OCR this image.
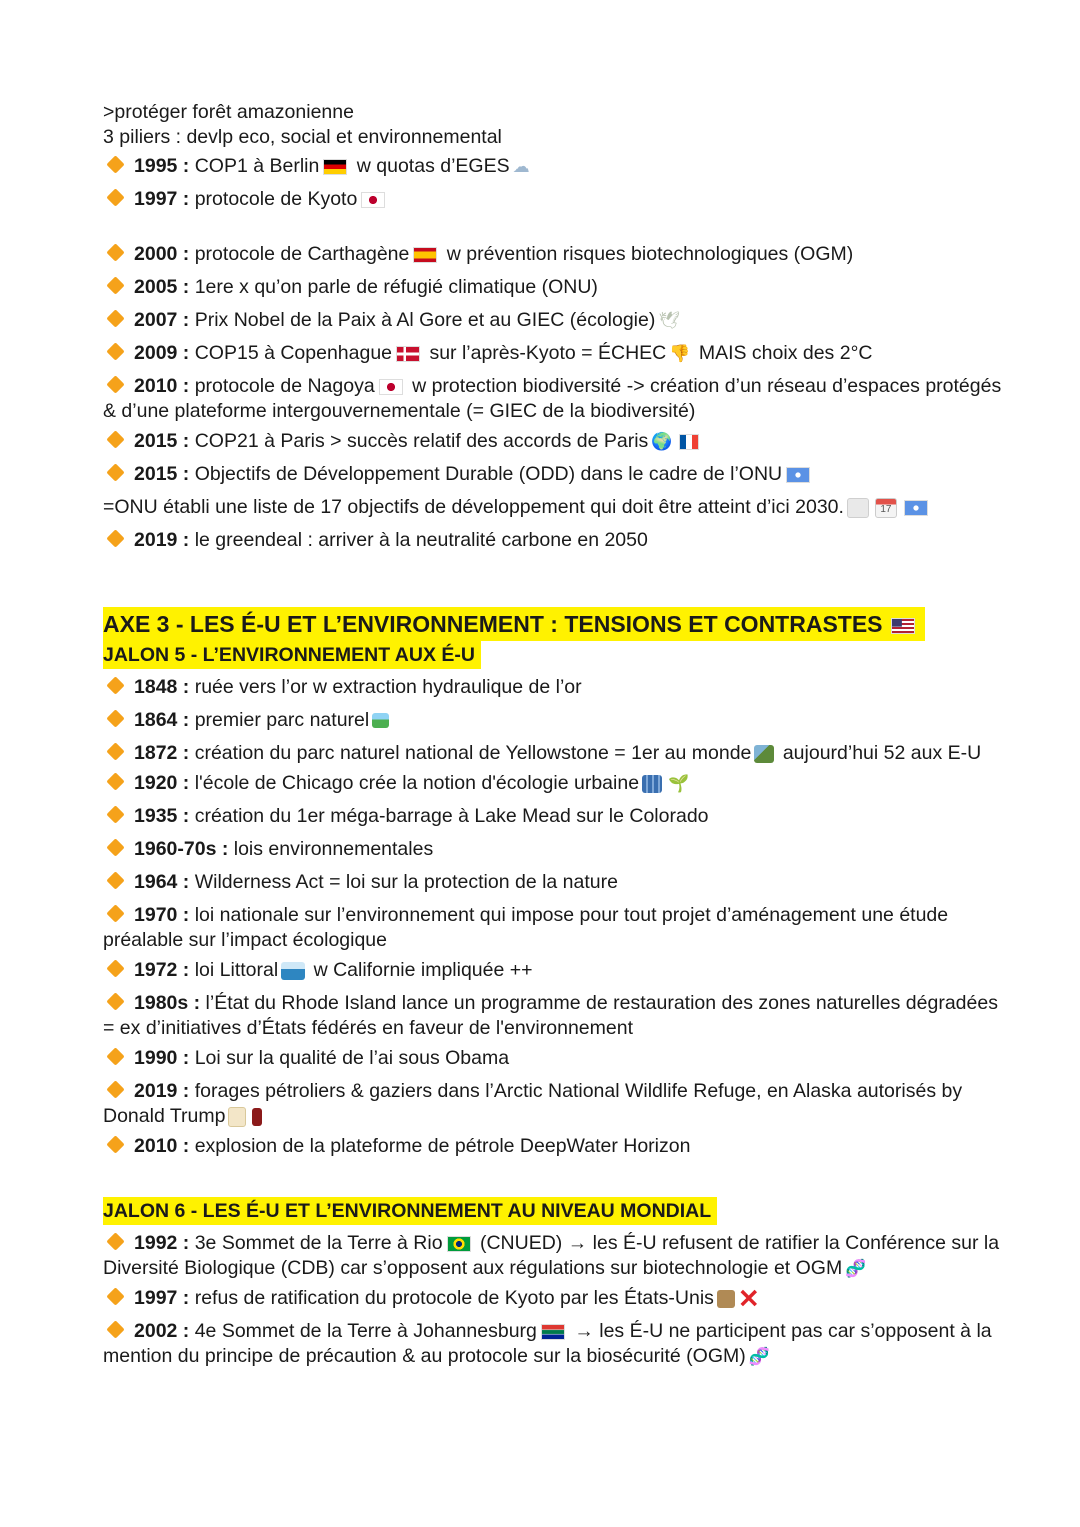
>protéger forêt amazonienne

3 piliers : devlp eco, social et environnemental

1995 : COP1 à Berlin w quotas d’EGES ☁

1997 : protocole de Kyoto

2000 : protocole de Carthagène w prévention risques biotechnologiques (OGM)

2005 : 1ere x qu’on parle de réfugié climatique (ONU)

2007 : Prix Nobel de la Paix à Al Gore et au GIEC (écologie) 🕊

2009 : COP15 à Copenhague sur l’après-Kyoto = ÉCHEC 👎 MAIS choix des 2°C

2010 : protocole de Nagoya w protection biodiversité -> création d’un réseau d’espaces protégés & d’une plateforme intergouvernementale (= GIEC de la biodiversité)

2015 : COP21 à Paris > succès relatif des accords de Paris 🌍

2015 : Objectifs de Développement Durable (ODD) dans le cadre de l’ONU

=ONU établi une liste de 17 objectifs de développement qui doit être atteint d’ici 2030.	17

2019 : le greendeal : arriver à la neutralité carbone en 2050

AXE 3 - LES É-U ET L’ENVIRONNEMENT : TENSIONS ET CONTRASTES

JALON 5 - L’ENVIRONNEMENT AUX É-U

1848 : ruée vers l’or w extraction hydraulique de l’or

1864 : premier parc naturel

1872 : création du parc naturel national de Yellowstone = 1er au monde aujourd’hui 52 aux E-U

1920 : l'école de Chicago crée la notion d'écologie urbaine 🌱

1935 : création du 1er méga-barrage à Lake Mead sur le Colorado

1960-70s : lois environnementales

1964 : Wilderness Act = loi sur la protection de la nature

1970 : loi nationale sur l’environnement qui impose pour tout projet d’aménagement une étude préalable sur l’impact écologique

1972 : loi Littoral w Californie impliquée ++

1980s : l’État du Rhode Island lance un programme de restauration des zones naturelles dégradées = ex d’initiatives d’États fédérés en faveur de l'environnement

1990 : Loi sur la qualité de l’ai sous Obama

2019 : forages pétroliers & gaziers dans l’Arctic National Wildlife Refuge, en Alaska autorisés by Donald Trump

2010 : explosion de la plateforme de pétrole DeepWater Horizon

JALON 6 - LES É-U ET L’ENVIRONNEMENT AU NIVEAU MONDIAL

1992 : 3e Sommet de la Terre à Rio (CNUED) → les É-U refusent de ratifier la Conférence sur la Diversité Biologique (CDB) car s’opposent aux régulations sur biotechnologie et OGM 🧬

1997 : refus de ratification du protocole de Kyoto par les États-Unis ✕

2002 : 4e Sommet de la Terre à Johannesburg → les É-U ne participent pas car s’opposent à la mention du principe de précaution & au protocole sur la biosécurité (OGM) 🧬
